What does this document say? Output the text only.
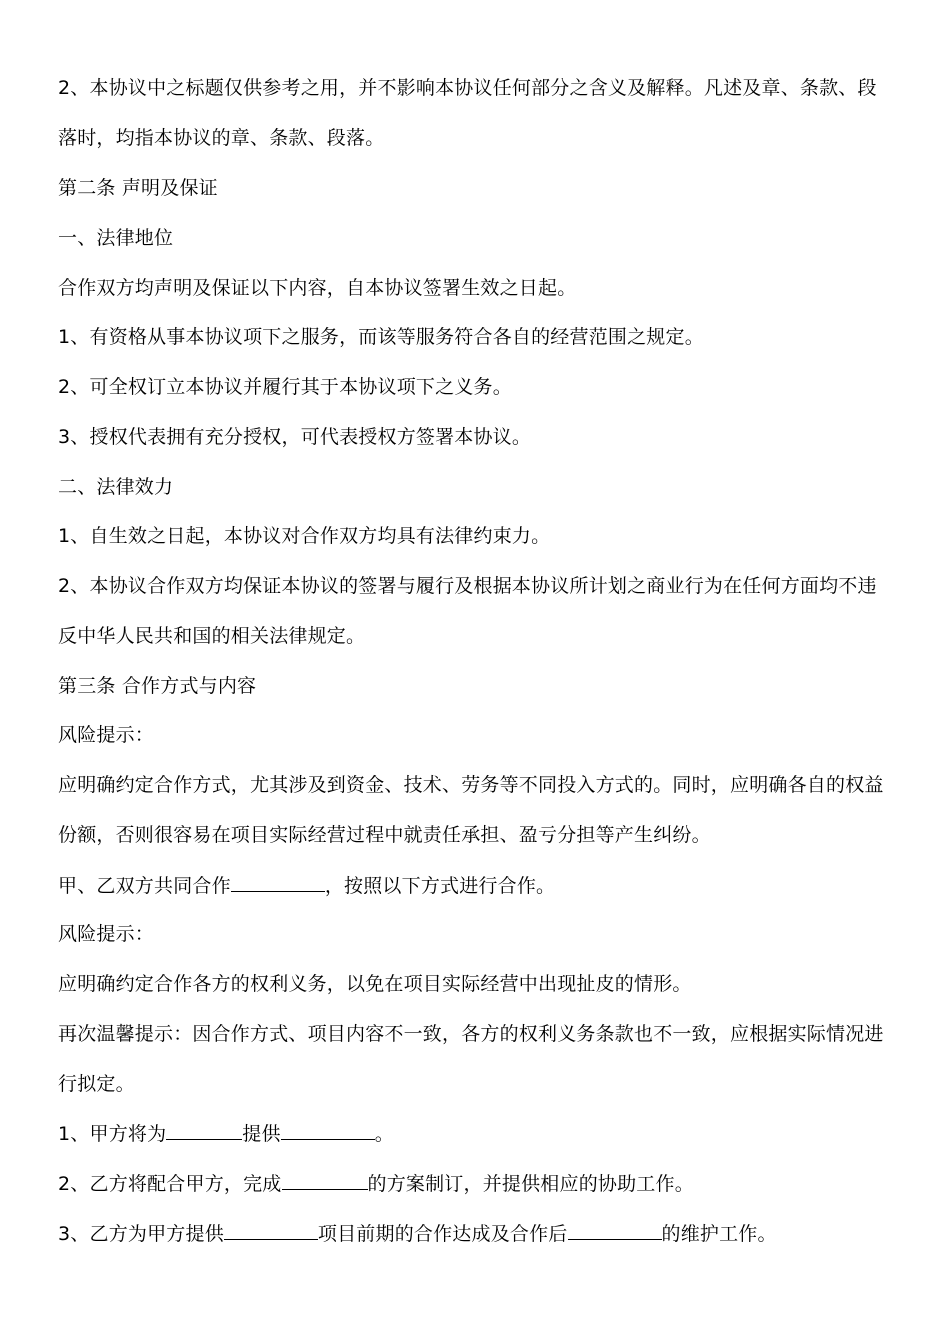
2、本协议中之标题仅供参考之用，并不影响本协议任何部分之含义及解释。凡述及章、条款、段
落时，均指本协议的章、条款、段落。
第二条 声明及保证
一、法律地位
合作双方均声明及保证以下内容，自本协议签署生效之日起。
1、有资格从事本协议项下之服务，而该等服务符合各自的经营范围之规定。
2、可全权订立本协议并履行其于本协议项下之义务。
3、授权代表拥有充分授权，可代表授权方签署本协议。
二、法律效力
1、自生效之日起，本协议对合作双方均具有法律约束力。
2、本协议合作双方均保证本协议的签署与履行及根据本协议所计划之商业行为在任何方面均不违
反中华人民共和国的相关法律规定。
第三条 合作方式与内容
风险提示：
应明确约定合作方式，尤其涉及到资金、技术、劳务等不同投入方式的。同时，应明确各自的权益
份额，否则很容易在项目实际经营过程中就责任承担、盈亏分担等产生纠纷。
甲、乙双方共同合作	，按照以下方式进行合作。
风险提示：
应明确约定合作各方的权利义务，以免在项目实际经营中出现扯皮的情形。
再次温馨提示：因合作方式、项目内容不一致，各方的权利义务条款也不一致，应根据实际情况进
行拟定。
1、甲方将为	提供	。
2、乙方将配合甲方，完成	的方案制订，并提供相应的协助工作。
3、乙方为甲方提供	项目前期的合作达成及合作后	的维护工作。
